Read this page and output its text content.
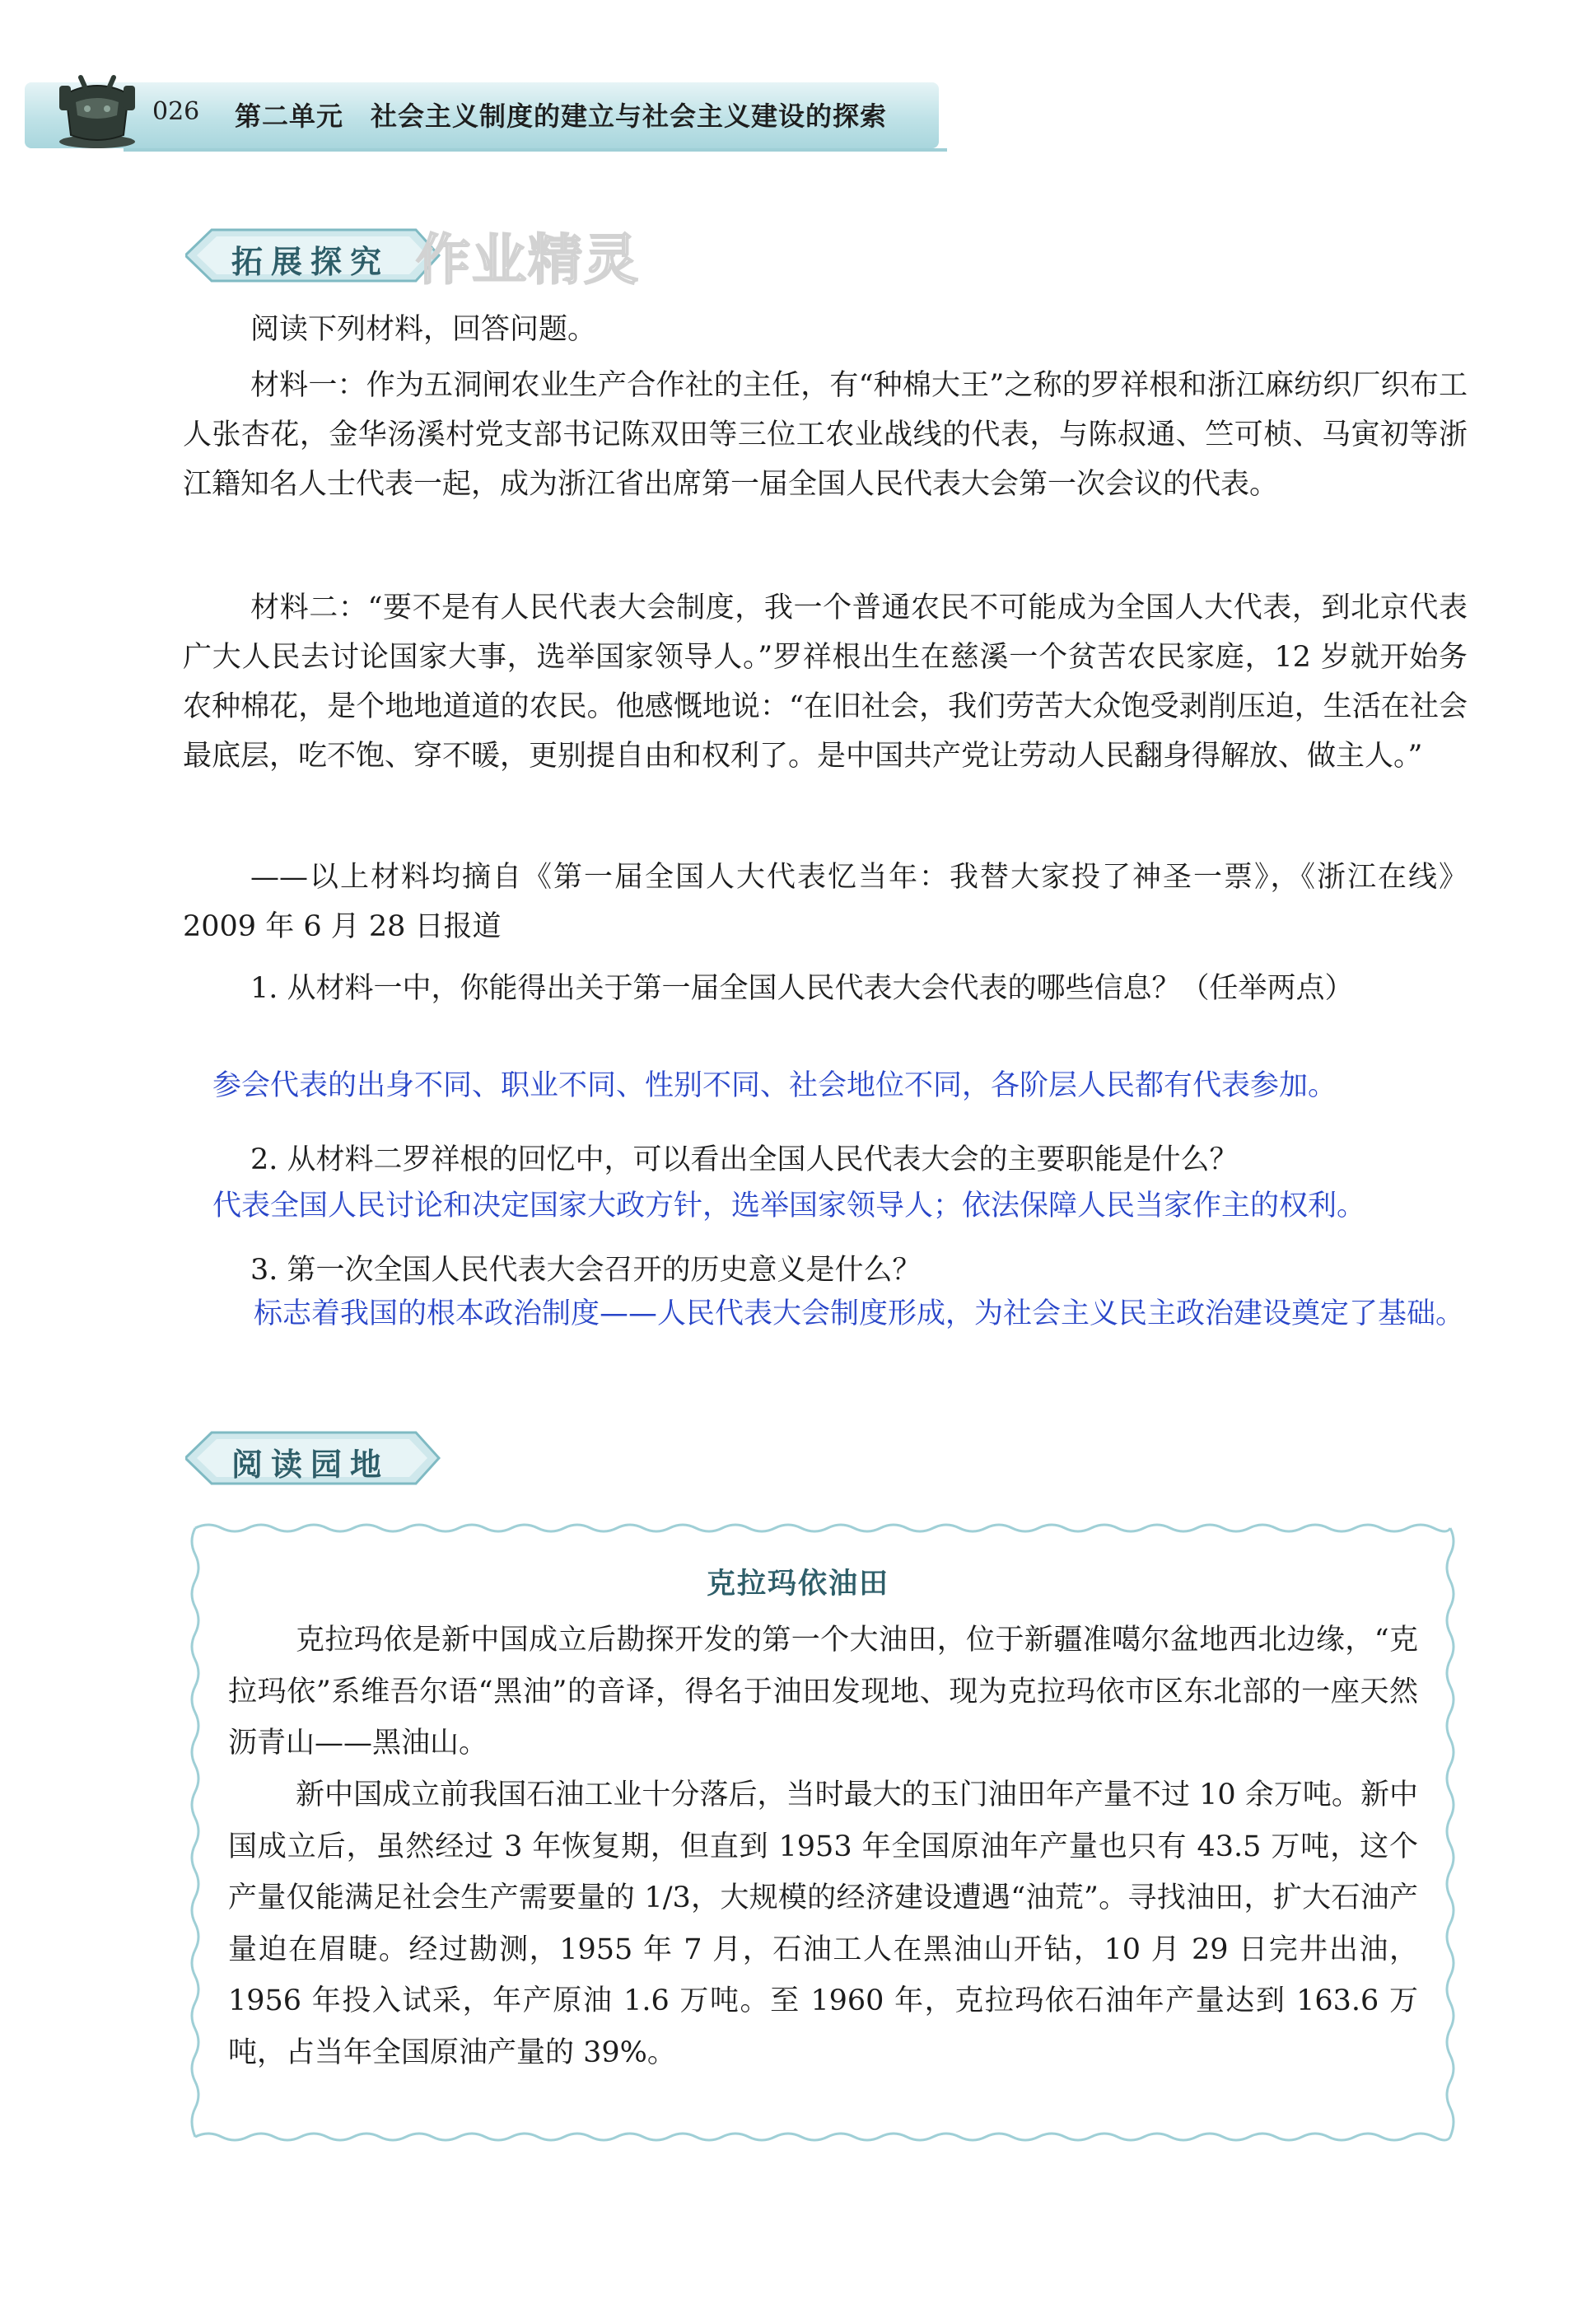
026 第二单元　社会主义制度的建立与社会主义建设的探索
拓展探究 作业精灵
阅读下列材料，回答问题。
材料一：作为五洞闸农业生产合作社的主任，有“种棉大王”之称的罗祥根和浙江麻纺织厂织布工人张杏花，金华汤溪村党支部书记陈双田等三位工农业战线的代表，与陈叔通、竺可桢、马寅初等浙江籍知名人士代表一起，成为浙江省出席第一届全国人民代表大会第一次会议的代表。
材料二：“要不是有人民代表大会制度，我一个普通农民不可能成为全国人大代表，到北京代表广大人民去讨论国家大事，选举国家领导人。”罗祥根出生在慈溪一个贫苦农民家庭，12 岁就开始务农种棉花，是个地地道道的农民。他感慨地说：“在旧社会，我们劳苦大众饱受剥削压迫，生活在社会最底层，吃不饱、穿不暖，更别提自由和权利了。是中国共产党让劳动人民翻身得解放、做主人。”
——以上材料均摘自《第一届全国人大代表忆当年：我替大家投了神圣一票》，《浙江在线》2009 年 6 月 28 日报道
1. 从材料一中，你能得出关于第一届全国人民代表大会代表的哪些信息？（任举两点）
参会代表的出身不同、职业不同、性别不同、社会地位不同，各阶层人民都有代表参加。
2. 从材料二罗祥根的回忆中，可以看出全国人民代表大会的主要职能是什么？
代表全国人民讨论和决定国家大政方针，选举国家领导人；依法保障人民当家作主的权利。
3. 第一次全国人民代表大会召开的历史意义是什么？
标志着我国的根本政治制度——人民代表大会制度形成，为社会主义民主政治建设奠定了基础。
阅读园地
克拉玛依油田
克拉玛依是新中国成立后勘探开发的第一个大油田，位于新疆准噶尔盆地西北边缘，“克拉玛依”系维吾尔语“黑油”的音译，得名于油田发现地、现为克拉玛依市区东北部的一座天然沥青山——黑油山。
新中国成立前我国石油工业十分落后，当时最大的玉门油田年产量不过 10 余万吨。新中国成立后，虽然经过 3 年恢复期，但直到 1953 年全国原油年产量也只有 43.5 万吨，这个产量仅能满足社会生产需要量的 1/3，大规模的经济建设遭遇“油荒”。寻找油田，扩大石油产量迫在眉睫。经过勘测，1955 年 7 月，石油工人在黑油山开钻，10 月 29 日完井出油，1956 年投入试采，年产原油 1.6 万吨。至 1960 年，克拉玛依石油年产量达到 163.6 万吨，占当年全国原油产量的 39%。
